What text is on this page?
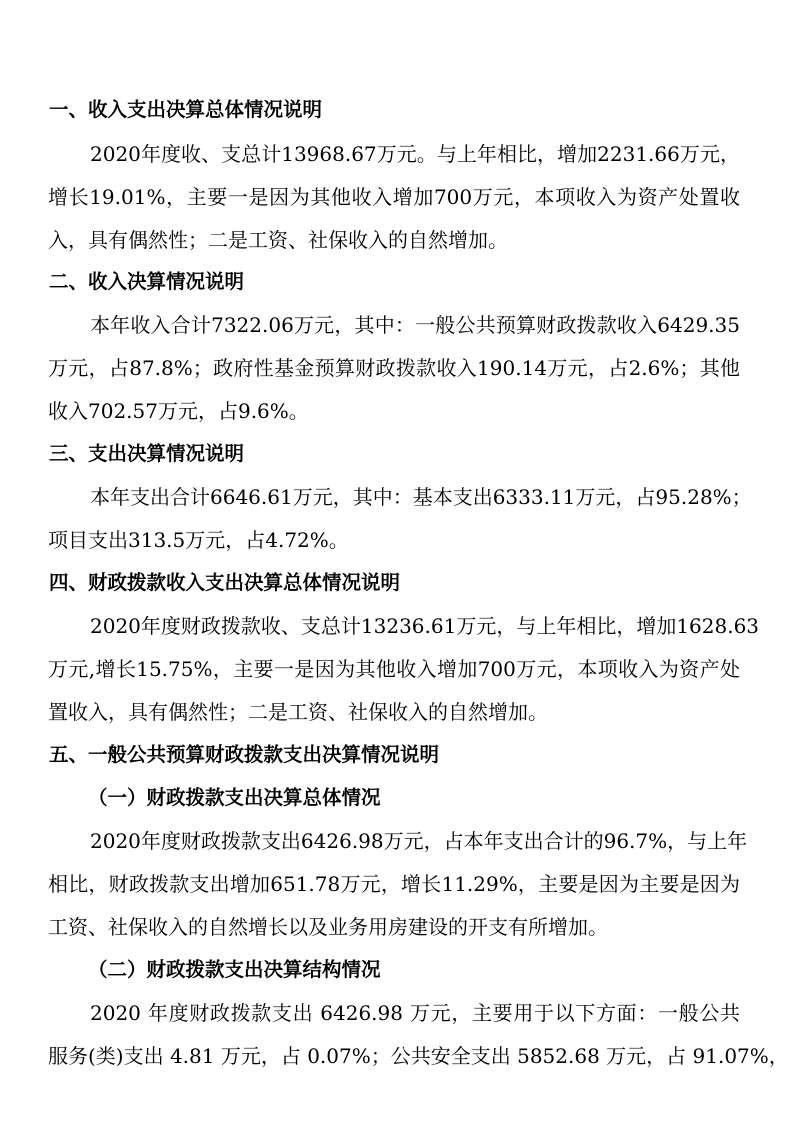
一、收入支出决算总体情况说明
2020年度收、支总计13968.67万元。与上年相比，增加2231.66万元，
增长19.01%，主要一是因为其他收入增加700万元，本项收入为资产处置收
入，具有偶然性；二是工资、社保收入的自然增加。
二、收入决算情况说明
本年收入合计7322.06万元，其中：一般公共预算财政拨款收入6429.35
万元，占87.8%；政府性基金预算财政拨款收入190.14万元，占2.6%；其他
收入702.57万元，占9.6%。
三、支出决算情况说明
本年支出合计6646.61万元，其中：基本支出6333.11万元，占95.28%；
项目支出313.5万元，占4.72%。
四、财政拨款收入支出决算总体情况说明
2020年度财政拨款收、支总计13236.61万元，与上年相比，增加1628.63
万元,增长15.75%，主要一是因为其他收入增加700万元，本项收入为资产处
置收入，具有偶然性；二是工资、社保收入的自然增加。
五、一般公共预算财政拨款支出决算情况说明
（一）财政拨款支出决算总体情况
2020年度财政拨款支出6426.98万元，占本年支出合计的96.7%，与上年
相比，财政拨款支出增加651.78万元，增长11.29%，主要是因为主要是因为
工资、社保收入的自然增长以及业务用房建设的开支有所增加。
（二）财政拨款支出决算结构情况
2020 年度财政拨款支出 6426.98 万元，主要用于以下方面：一般公共
服务(类)支出 4.81 万元，占 0.07%；公共安全支出 5852.68 万元，占 91.07%，
